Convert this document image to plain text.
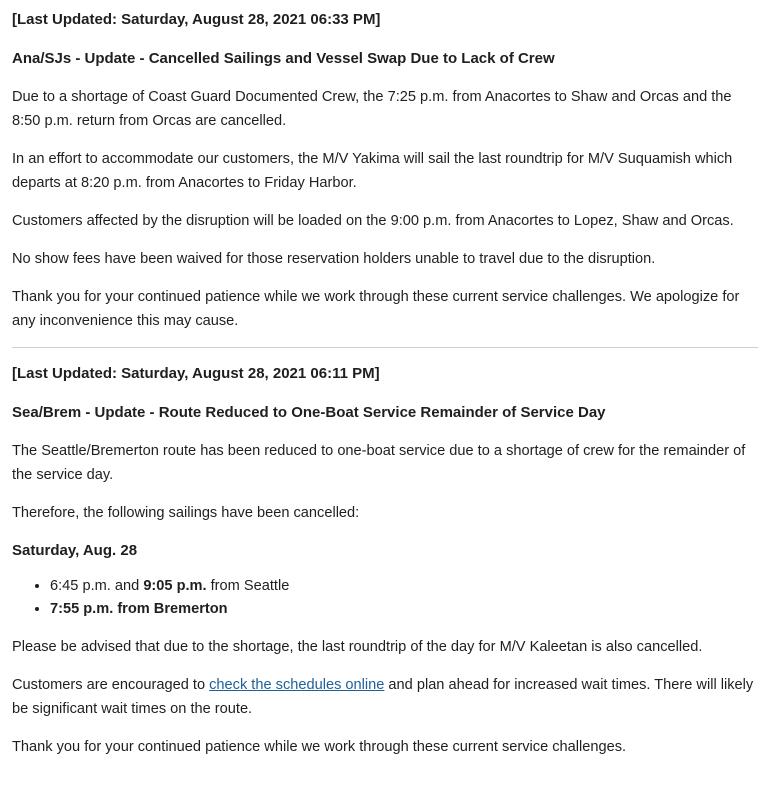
[Last Updated: Saturday, August 28, 2021 06:33 PM]
Ana/SJs - Update - Cancelled Sailings and Vessel Swap Due to Lack of Crew

Due to a shortage of Coast Guard Documented Crew, the 7:25 p.m. from Anacortes to Shaw and Orcas and the 8:50 p.m. return from Orcas are cancelled.

In an effort to accommodate our customers, the M/V Yakima will sail the last roundtrip for M/V Suquamish which departs at 8:20 p.m. from Anacortes to Friday Harbor.

Customers affected by the disruption will be loaded on the 9:00 p.m. from Anacortes to Lopez, Shaw and Orcas.

No show fees have been waived for those reservation holders unable to travel due to the disruption.

Thank you for your continued patience while we work through these current service challenges. We apologize for any inconvenience this may cause.

[Last Updated: Saturday, August 28, 2021 06:11 PM]
Sea/Brem - Update - Route Reduced to One-Boat Service Remainder of Service Day

The Seattle/Bremerton route has been reduced to one-boat service due to a shortage of crew for the remainder of the service day.

Therefore, the following sailings have been cancelled:

Saturday, Aug. 28
• 6:45 p.m. and 9:05 p.m. from Seattle
• 7:55 p.m. from Bremerton

Please be advised that due to the shortage, the last roundtrip of the day for M/V Kaleetan is also cancelled.

Customers are encouraged to check the schedules online and plan ahead for increased wait times. There will likely be significant wait times on the route.

Thank you for your continued patience while we work through these current service challenges.
